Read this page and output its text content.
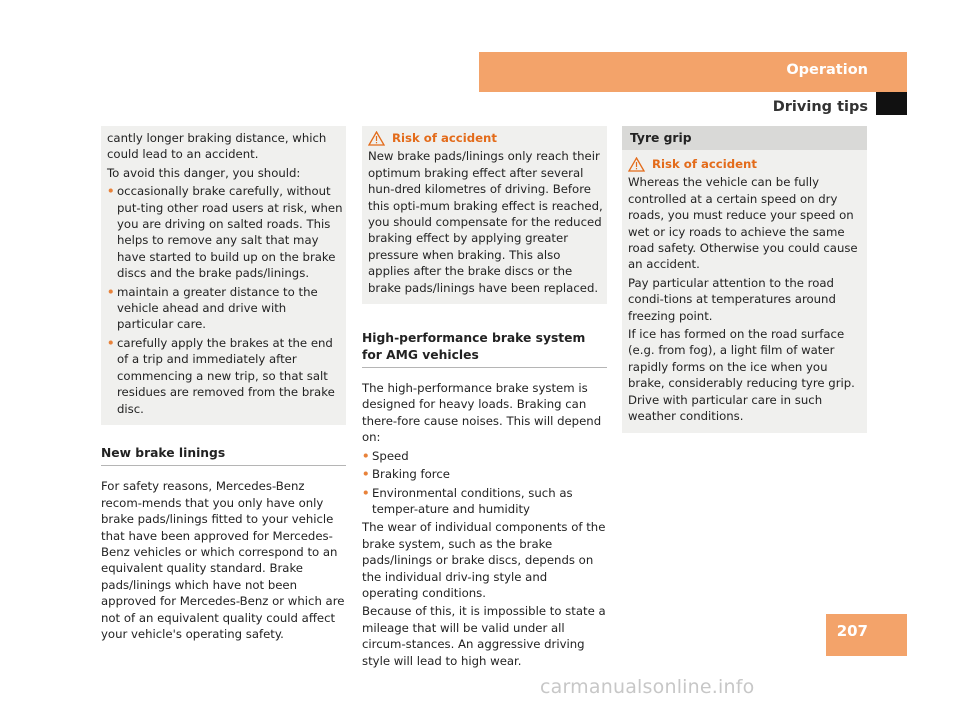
Operation
Driving tips

cantly longer braking distance, which could lead to an accident.

To avoid this danger, you should:

• occasionally brake carefully, without put-ting other road users at risk, when you are driving on salted roads. This helps to remove any salt that may have started to build up on the brake discs and the brake pads/linings.
• maintain a greater distance to the vehicle ahead and drive with particular care.
• carefully apply the brakes at the end of a trip and immediately after commencing a new trip, so that salt residues are removed from the brake disc.
New brake linings

For safety reasons, Mercedes-Benz recom-mends that you only have only brake pads/linings fitted to your vehicle that have been approved for Mercedes-Benz vehicles or which correspond to an equivalent quality standard. Brake pads/linings which have not been approved for Mercedes-Benz or which are not of an equivalent quality could affect your vehicle's operating safety.

Risk of accident

New brake pads/linings only reach their optimum braking effect after several hun-dred kilometres of driving. Before this opti-mum braking effect is reached, you should compensate for the reduced braking effect by applying greater pressure when braking. This also applies after the brake discs or the brake pads/linings have been replaced.

High-performance brake system for AMG vehicles

The high-performance brake system is designed for heavy loads. Braking can there-fore cause noises. This will depend on:

• Speed
• Braking force
• Environmental conditions, such as temper-ature and humidity

The wear of individual components of the brake system, such as the brake pads/linings or brake discs, depends on the individual driv-ing style and operating conditions.

Because of this, it is impossible to state a mileage that will be valid under all circum-stances. An aggressive driving style will lead to high wear.

Tyre grip
Risk of accident

Whereas the vehicle can be fully controlled at a certain speed on dry roads, you must reduce your speed on wet or icy roads to achieve the same road safety. Otherwise you could cause an accident.

Pay particular attention to the road condi-tions at temperatures around freezing point.

If ice has formed on the road surface (e.g. from fog), a light film of water rapidly forms on the ice when you brake, considerably reducing tyre grip. Drive with particular care in such weather conditions.

207
carmanualsonline.info
